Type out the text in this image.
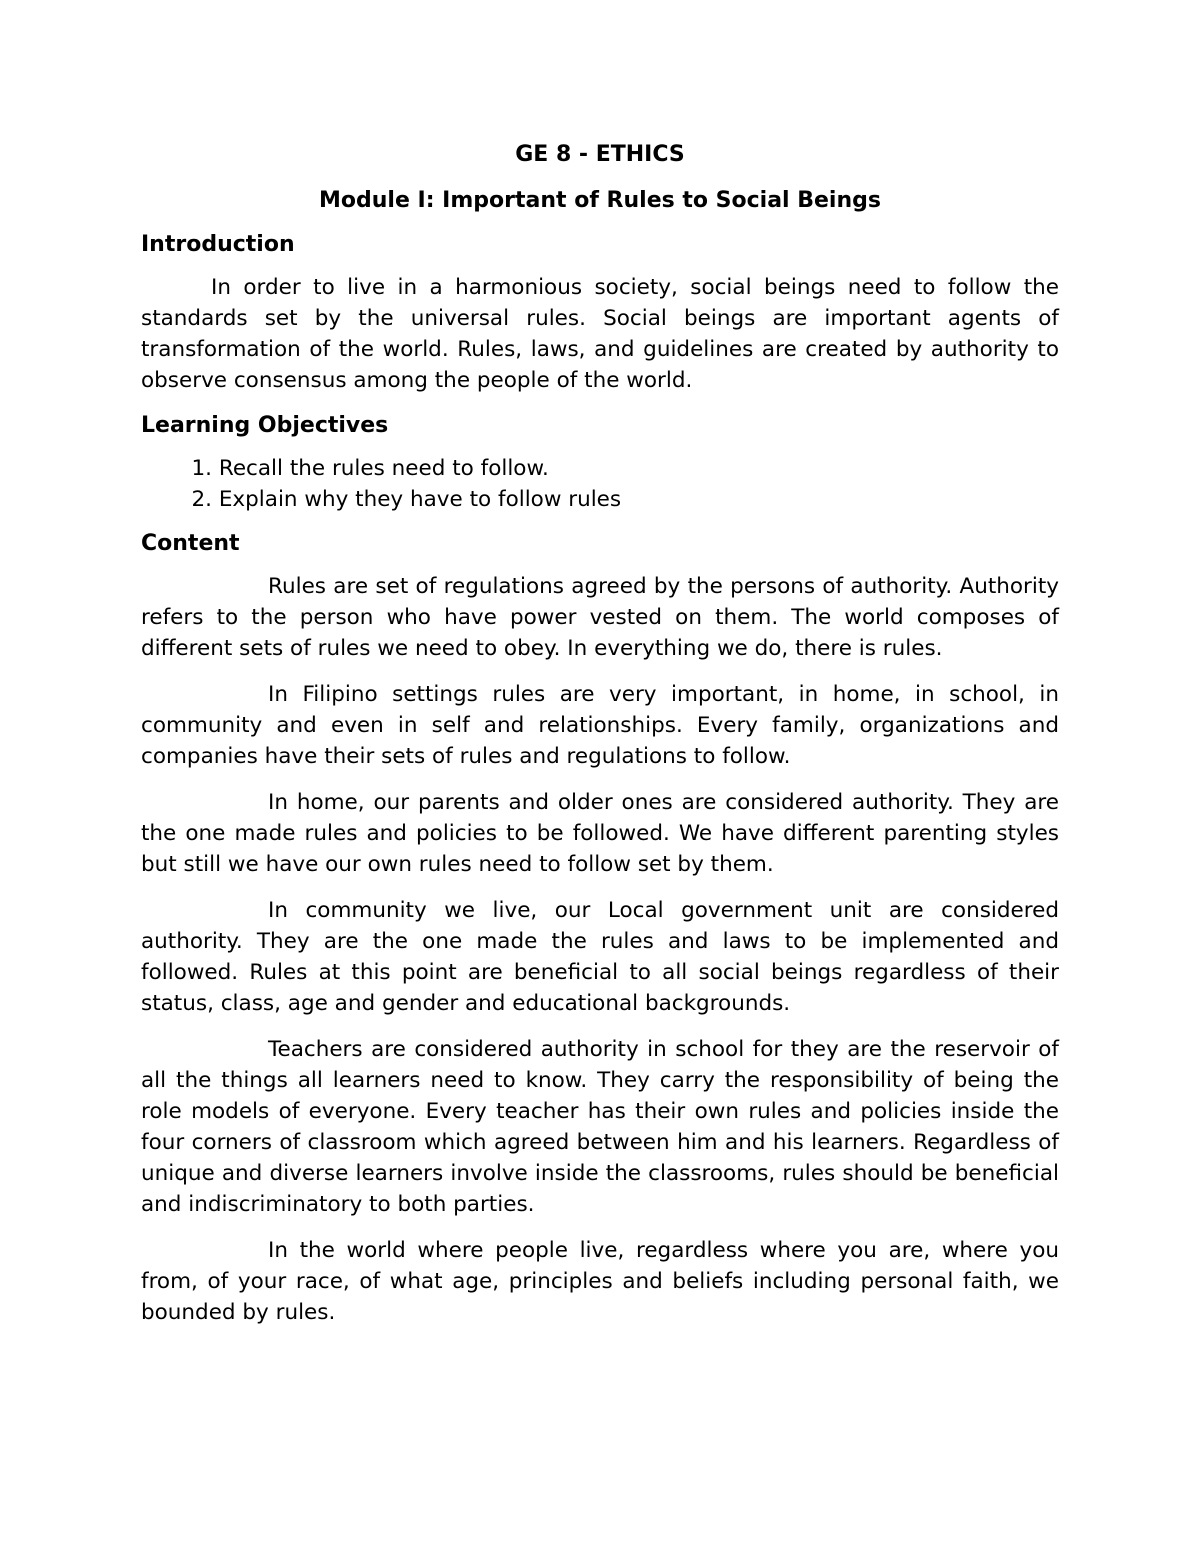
GE 8 - ETHICS
Module I: Important of Rules to Social Beings
Introduction

In order to live in a harmonious society, social beings need to follow the standards set by the universal rules. Social beings are important agents of transformation of the world. Rules, laws, and guidelines are created by authority to observe consensus among the people of the world.

Learning Objectives
1. Recall the rules need to follow.
2. Explain why they have to follow rules
Content

Rules are set of regulations agreed by the persons of authority. Authority refers to the person who have power vested on them. The world composes of different sets of rules we need to obey. In everything we do, there is rules.

In Filipino settings rules are very important, in home, in school, in community and even in self and relationships. Every family, organizations and companies have their sets of rules and regulations to follow.

In home, our parents and older ones are considered authority. They are the one made rules and policies to be followed. We have different parenting styles but still we have our own rules need to follow set by them.

In community we live, our Local government unit are considered authority. They are the one made the rules and laws to be implemented and followed. Rules at this point are beneficial to all social beings regardless of their status, class, age and gender and educational backgrounds.

Teachers are considered authority in school for they are the reservoir of all the things all learners need to know. They carry the responsibility of being the role models of everyone. Every teacher has their own rules and policies inside the four corners of classroom which agreed between him and his learners. Regardless of unique and diverse learners involve inside the classrooms, rules should be beneficial and indiscriminatory to both parties.

In the world where people live, regardless where you are, where you from, of your race, of what age, principles and beliefs including personal faith, we bounded by rules.
